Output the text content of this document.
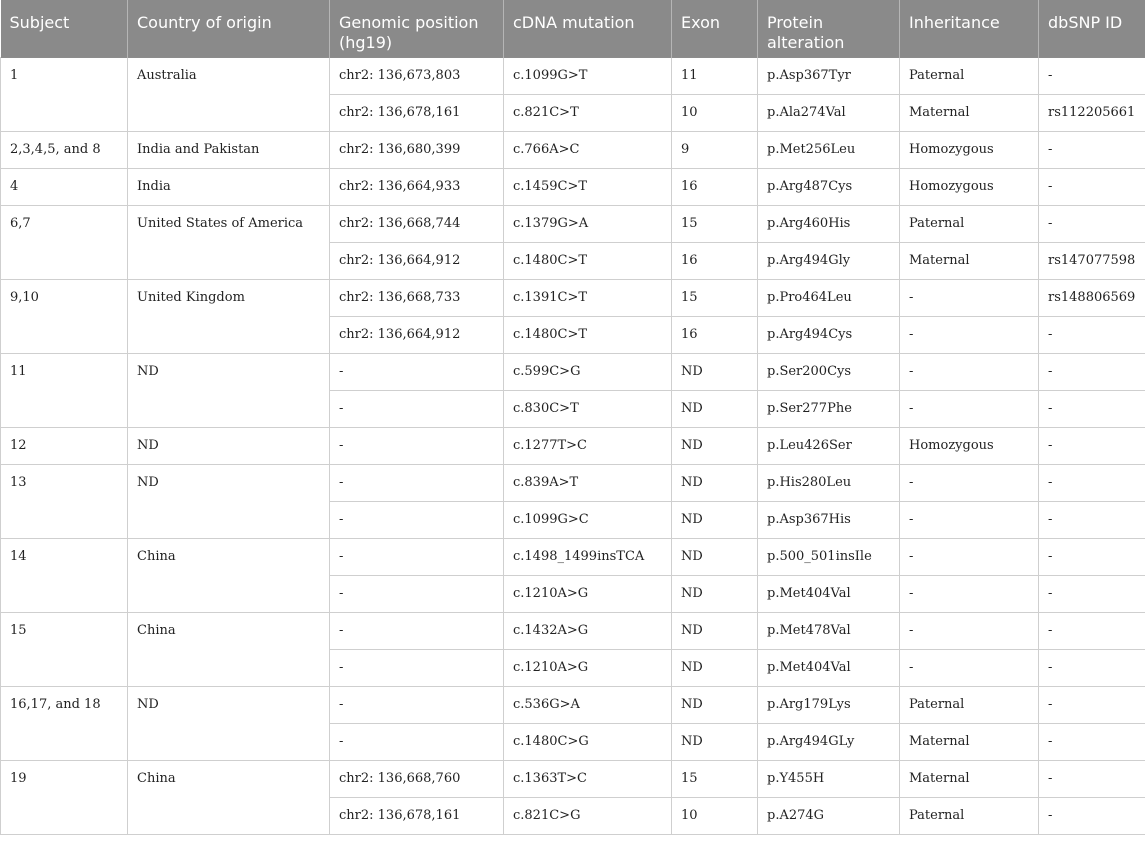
Subject	Country of origin	Genomic position (hg19)	cDNA mutation	Exon	Protein alteration	Inheritance	dbSNP ID
1	Australia	chr2: 136,673,803	c.1099G>T	11	p.Asp367Tyr	Paternal	-
		chr2: 136,678,161	c.821C>T	10	p.Ala274Val	Maternal	rs112205661
2,3,4,5, and 8	India and Pakistan	chr2: 136,680,399	c.766A>C	9	p.Met256Leu	Homozygous	-
4	India	chr2: 136,664,933	c.1459C>T	16	p.Arg487Cys	Homozygous	-
6,7	United States of America	chr2: 136,668,744	c.1379G>A	15	p.Arg460His	Paternal	-
		chr2: 136,664,912	c.1480C>T	16	p.Arg494Gly	Maternal	rs147077598
9,10	United Kingdom	chr2: 136,668,733	c.1391C>T	15	p.Pro464Leu	-	rs148806569
		chr2: 136,664,912	c.1480C>T	16	p.Arg494Cys	-	-
11	ND	-	c.599C>G	ND	p.Ser200Cys	-	-
		-	c.830C>T	ND	p.Ser277Phe	-	-
12	ND	-	c.1277T>C	ND	p.Leu426Ser	Homozygous	-
13	ND	-	c.839A>T	ND	p.His280Leu	-	-
		-	c.1099G>C	ND	p.Asp367His	-	-
14	China	-	c.1498_1499insTCA	ND	p.500_501insIle	-	-
		-	c.1210A>G	ND	p.Met404Val	-	-
15	China	-	c.1432A>G	ND	p.Met478Val	-	-
		-	c.1210A>G	ND	p.Met404Val	-	-
16,17, and 18	ND	-	c.536G>A	ND	p.Arg179Lys	Paternal	-
		-	c.1480C>G	ND	p.Arg494GLy	Maternal	-
19	China	chr2: 136,668,760	c.1363T>C	15	p.Y455H	Maternal	-
		chr2: 136,678,161	c.821C>G	10	p.A274G	Paternal	-
